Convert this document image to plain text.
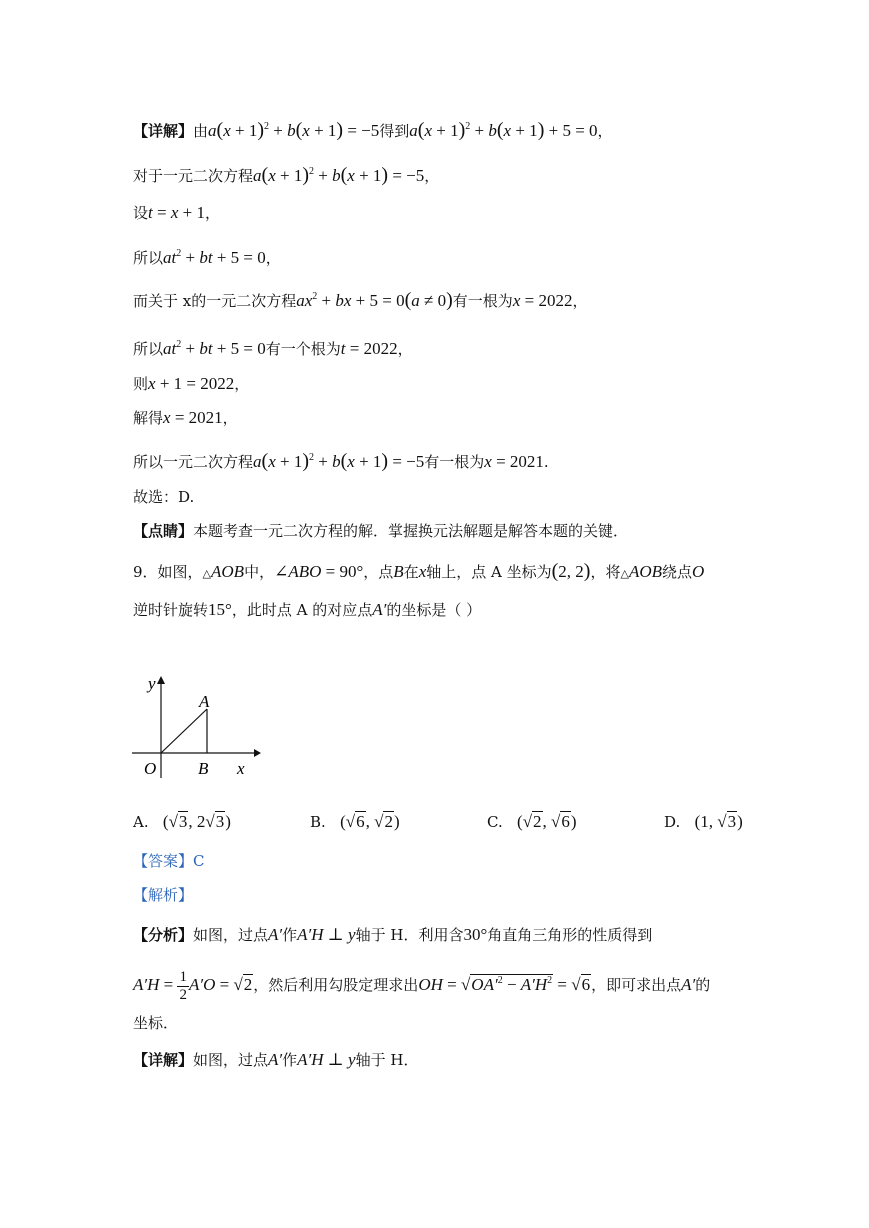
【详解】由$a(x + 1)^2 + b(x + 1) = -5$得到$a(x + 1)^2 + b(x + 1) + 5 = 0$，
对于一元二次方程$a(x + 1)^2 + b(x + 1) = -5$，
设t = x + 1，
所以$at^2$ + bt + 5 = 0，
而关于 x的一元二次方程$ax^2$ + bx + 5 = 0(a ≠ 0)有一根为x = 2022，
所以$at^2$ + bt + 5 = 0有一个根为t = 2022，
则x + 1 = 2022，
解得x = 2021，
所以一元二次方程$a(x + 1)^2 + b(x + 1) = -5$有一根为x = 2021.
故选：D.
【点睛】本题考查一元二次方程的解．掌握换元法解题是解答本题的关键．
9．如图，△AOB中，∠ABO = 90°，点B在x轴上，点 A 坐标为(2, 2)，将△AOB绕点O
逆时针旋转15°，此时点 A 的对应点A′的坐标是（ ）
y
x
O
A
B
A. (√3, 2√3)	B. (√6, √2)	C. (√2, √6)	D. (1, √3)
【答案】C
【解析】
【分析】如图，过点A′作A′H ⊥ y轴于 H．利用含30°角直角三角形的性质得到
$A'H = \frac{1}{2} A'O = √2$，然后利用勾股定理求出OH = $√OA'^2 - A'H^2 = √6$，即可求出点A′的
坐标．
【详解】如图，过点A′作A′H ⊥ y轴于 H．
